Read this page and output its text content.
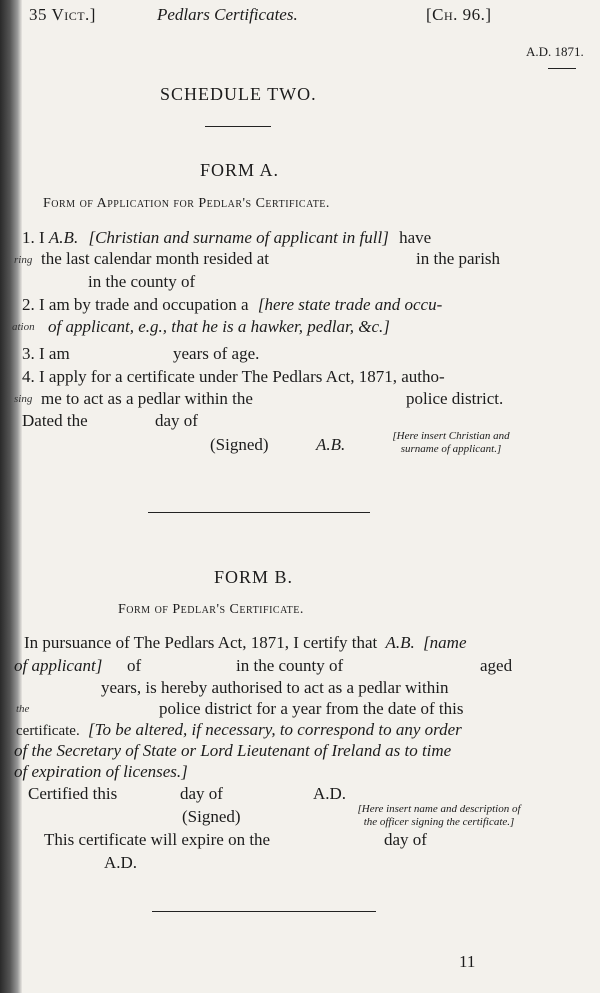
35 Vict.]	Pedlars Certificates.	[Ch. 96.]
A.D. 1871.
SCHEDULE TWO.
FORM A.
Form of Application for Pedlar's Certificate.
1. I A.B. [Christian and surname of applicant in full] have
ring the last calendar month resided at	in the parish
in the county of
2. I am by trade and occupation a [here state trade and occu-
ation of applicant, e.g., that he is a hawker, pedlar, &c.]
3. I am	years of age.
4. I apply for a certificate under The Pedlars Act, 1871, autho-
sing me to act as a pedlar within the	police district.
Dated the	day of
(Signed)	A.B.	[Here insert Christian and
surname of applicant.]
FORM B.
Form of Pedlar's Certificate.
In pursuance of The Pedlars Act, 1871, I certify that A.B. [name
of applicant] of	in the county of	aged
years, is hereby authorised to act as a pedlar within
the	police district for a year from the date of this
certificate. [To be altered, if necessary, to correspond to any order
of the Secretary of State or Lord Lieutenant of Ireland as to time
of expiration of licenses.]
Certified this	day of	A.D.
(Signed)	[Here insert name and description of
the officer signing the certificate.]
This certificate will expire on the	day of
A.D.
11
